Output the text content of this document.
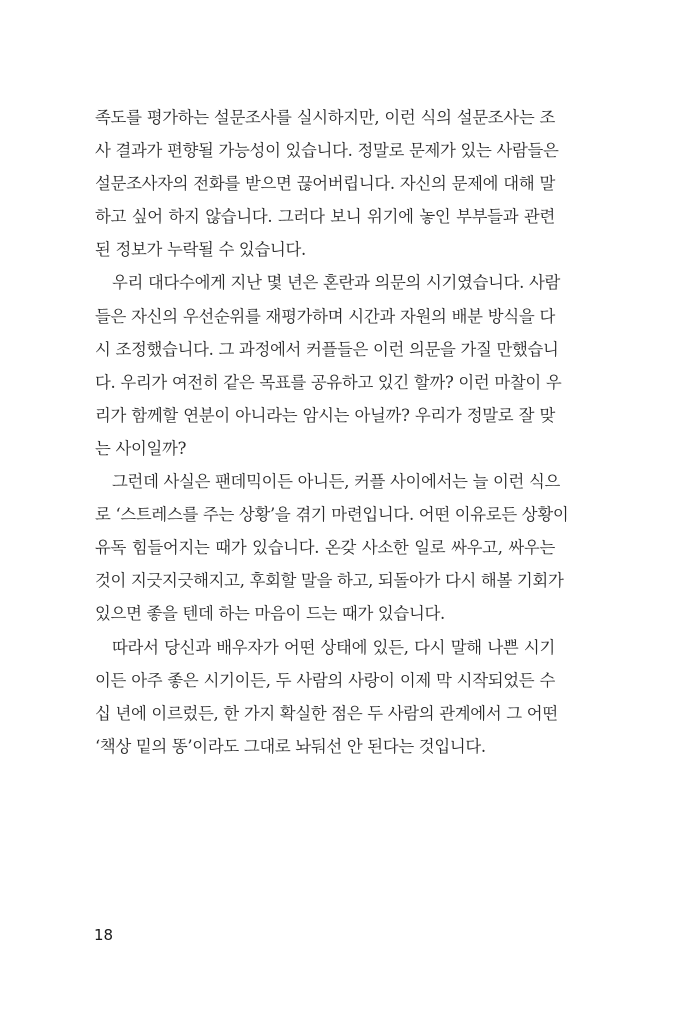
족도를 평가하는 설문조사를 실시하지만, 이런 식의 설문조사는 조
사 결과가 편향될 가능성이 있습니다. 정말로 문제가 있는 사람들은
설문조사자의 전화를 받으면 끊어버립니다. 자신의 문제에 대해 말
하고 싶어 하지 않습니다. 그러다 보니 위기에 놓인 부부들과 관련
된 정보가 누락될 수 있습니다.
우리 대다수에게 지난 몇 년은 혼란과 의문의 시기였습니다. 사람
들은 자신의 우선순위를 재평가하며 시간과 자원의 배분 방식을 다
시 조정했습니다. 그 과정에서 커플들은 이런 의문을 가질 만했습니
다. 우리가 여전히 같은 목표를 공유하고 있긴 할까? 이런 마찰이 우
리가 함께할 연분이 아니라는 암시는 아닐까? 우리가 정말로 잘 맞
는 사이일까?
그런데 사실은 팬데믹이든 아니든, 커플 사이에서는 늘 이런 식으
로 ‘스트레스를 주는 상황’을 겪기 마련입니다. 어떤 이유로든 상황이
유독 힘들어지는 때가 있습니다. 온갖 사소한 일로 싸우고, 싸우는
것이 지긋지긋해지고, 후회할 말을 하고, 되돌아가 다시 해볼 기회가
있으면 좋을 텐데 하는 마음이 드는 때가 있습니다.
따라서 당신과 배우자가 어떤 상태에 있든, 다시 말해 나쁜 시기
이든 아주 좋은 시기이든, 두 사람의 사랑이 이제 막 시작되었든 수
십 년에 이르렀든, 한 가지 확실한 점은 두 사람의 관계에서 그 어떤
‘책상 밑의 똥’이라도 그대로 놔둬선 안 된다는 것입니다.
18
